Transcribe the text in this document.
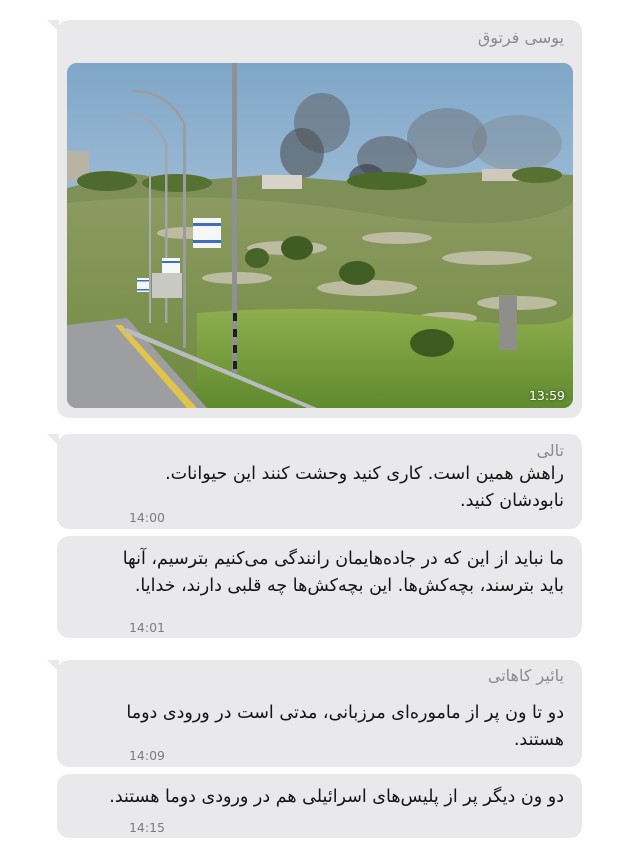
یوسی فرتوق
13:59
تالی
راهش همین است. کاری کنید وحشت کنند این حیوانات.
نابودشان کنید.
14:00
ما نباید از این که در جاده‌هایمان رانندگی می‌کنیم بترسیم، آنها
باید بترسند، بچه‌کش‌ها. این بچه‌کش‌ها چه قلبی دارند، خدایا.
14:01
یائیر کاهاتی
دو تا ون پر از ماموره‌ای مرزبانی، مدتی است در ورودی دوما
هستند.
14:09
دو ون دیگر پر از پلیس‌های اسرائیلی هم در ورودی دوما هستند.
14:15
